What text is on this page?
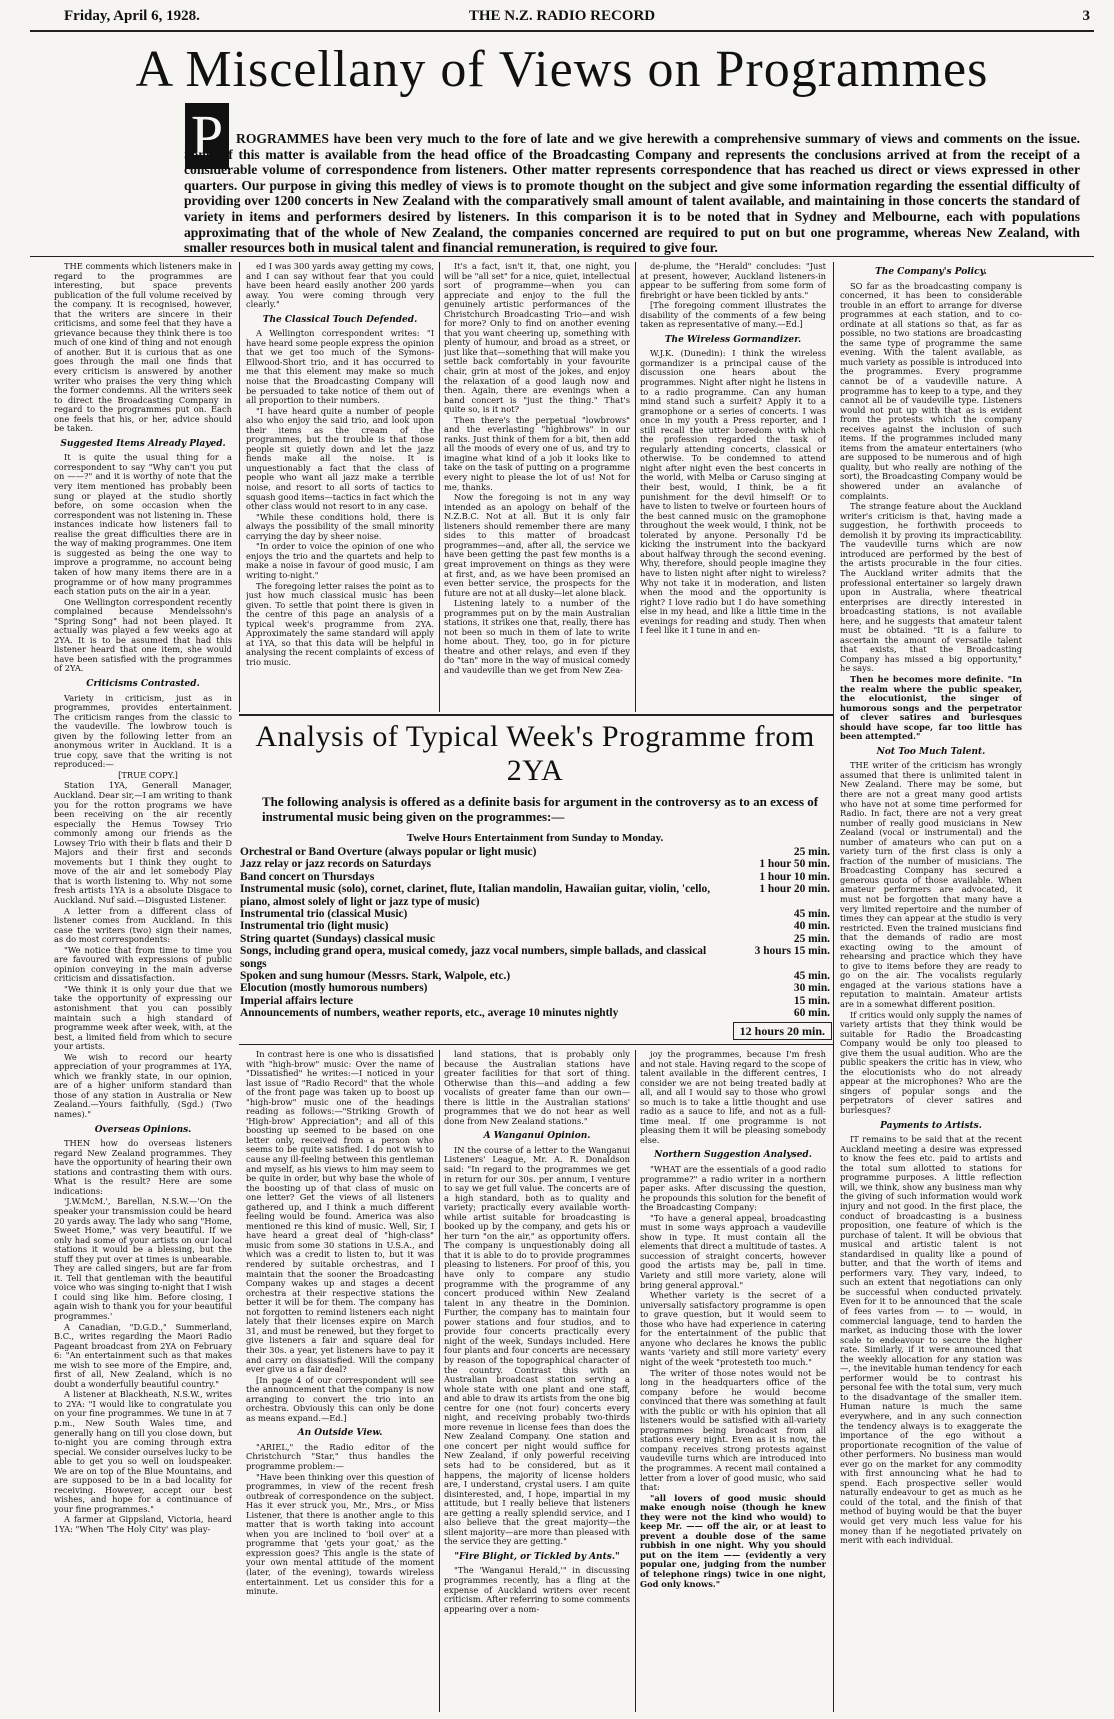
Friday, April 6, 1928.	THE N.Z. RADIO RECORD	3
A Miscellany of Views on Programmes
P ROGRAMMES have been very much to the fore of late and we give herewith a comprehensive summary of views and comments on the issue. Some of this matter is available from the head office of the Broadcasting Company and represents the conclusions arrived at from the receipt of a considerable volume of correspondence from listeners. Other matter represents correspondence that has reached us direct or views expressed in other quarters. Our purpose in giving this medley of views is to promote thought on the subject and give some information regarding the essential difficulty of providing over 1200 concerts in New Zealand with the comparatively small amount of talent available, and maintaining in those concerts the standard of variety in items and performers desired by listeners. In this comparison it is to be noted that in Sydney and Melbourne, each with populations approximating that of the whole of New Zealand, the companies concerned are required to put on but one programme, whereas New Zealand, with smaller resources both in musical talent and financial remuneration, is required to give four.

THE comments which listeners make in regard to the programmes are interesting, but space prevents publication of the full volume received by the company. It is recognised, however, that the writers are sincere in their criticisms, and some feel that they have a grievance because they think there is too much of one kind of thing and not enough of another. But it is curious that as one goes through the mail one finds that every criticism is answered by another writer who praises the very thing which the former condemns. All the writers seek to direct the Broadcasting Company in regard to the programmes put on. Each one feels that his, or her, advice should be taken.

Suggested Items Already Played.

It is quite the usual thing for a correspondent to say "Why can't you put on ——?" and it is worthy of note that the very item mentioned has probably been sung or played at the studio shortly before, on some occasion when the correspondent was not listening in. These instances indicate how listeners fail to realise the great difficulties there are in the way of making programmes. One item is suggested as being the one way to improve a programme, no account being taken of how many items there are in a programme or of how many programmes each station puts on the air in a year.

One Wellington correspondent recently complained because Mendelssohn's "Spring Song" had not been played. It actually was played a few weeks ago at 2YA. It is to be assumed that had this listener heard that one item, she would have been satisfied with the programmes of 2YA.

Criticisms Contrasted.

Variety in criticism, just as in programmes, provides entertainment. The criticism ranges from the classic to the vaudeville. The lowbrow touch is given by the following letter from an anonymous writer in Auckland. It is a true copy, save that the writing is not reproduced:—

[TRUE COPY.]

Station 1YA, Generall Manager, Auckland. Dear sir,—I am writing to thank you for the rotton programs we have been receiving on the air recently especially the Hemus Towsey Trio commonly among our friends as the Lowsey Trio with their b flats and their D Majors and their first and seconds movements but I think they ought to move of the air and let somebody Play that is worth listening to. Why not some fresh artists 1YA is a absolute Disgace to Auckland. Nuf said.—Disgusted Listener.

A letter from a different class of listener comes from Auckland. In this case the writers (two) sign their names, as do most correspondents:

"We notice that from time to time you are favoured with expressions of public opinion conveying in the main adverse criticism and dissatisfaction.

"We think it is only your due that we take the opportunity of expressing our astonishment that you can possibly maintain such a high standard of programme week after week, with, at the best, a limited field from which to secure your artists.

We wish to record our hearty appreciation of your programmes at 1YA, which we frankly state, in our opinion, are of a higher uniform standard than those of any station in Australia or New Zealand.—Yours faithfully, (Sgd.) (Two names)."

Overseas Opinions.

THEN how do overseas listeners regard New Zealand programmes. They have the opportunity of hearing their own stations and contrasting them with ours. What is the result? Here are some indications:

'J.W.McM.', Barellan, N.S.W.—'On the speaker your transmission could be heard 20 yards away. The lady who sang "Home, Sweet Home," was very beautiful. If we only had some of your artists on our local stations it would be a blessing, but the stuff they put over at times is unbearable. They are called singers, but are far from it. Tell that gentleman with the beautiful voice who was singing to-night that I wish I could sing like him. Before closing, I again wish to thank you for your beautiful programmes.'

A Canadian, "D.G.D.," Summerland, B.C., writes regarding the Maori Radio Pageant broadcast from 2YA on February 6: "An entertainment such as that makes me wish to see more of the Empire, and, first of all, New Zealand, which is no doubt a wonderfully beautiful country."

A listener at Blackheath, N.S.W., writes to 2YA: "I would like to congratulate you on your fine programmes. We tune in at 7 p.m., New South Wales time, and generally hang on till you close down, but to-night you are coming through extra special. We consider ourselves lucky to be able to get you so well on loudspeaker. We are on top of the Blue Mountains, and are supposed to be in a bad locality for receiving. However, accept our best wishes, and hope for a continuance of your fine programmes."

A farmer at Gippsland, Victoria, heard 1YA: "When 'The Holy City' was play-

ed I was 300 yards away getting my cows, and I can say without fear that you could have been heard easily another 200 yards away. You were coming through very clearly."

The Classical Touch Defended.

A Wellington correspondent writes: "I have heard some people express the opinion that we get too much of the Symons-Ellwood-Short trio, and it has occurred to me that this element may make so much noise that the Broadcasting Company will be persuaded to take notice of them out of all proportion to their numbers.

"I have heard quite a number of people also who enjoy the said trio, and look upon their items as the cream of the programmes, but the trouble is that those people sit quietly down and let the jazz fiends make all the noise. It is unquestionably a fact that the class of people who want all jazz make a terrible noise, and resort to all sorts of tactics to squash good items—tactics in fact which the other class would not resort to in any case.

"While these conditions hold, there is always the possibility of the small minority carrying the day by sheer noise.

"In order to voice the opinion of one who enjoys the trio and the quartets and help to make a noise in favour of good music, I am writing to-night."

The foregoing letter raises the point as to just how much classical music has been given. To settle that point there is given in the centre of this page an analysis of a typical week's programme from 2YA. Approximately the same standard will apply at 1YA, so that this data will be helpful in analysing the recent complaints of excess of trio music.

It's a fact, isn't it, that, one night, you will be "all set" for a nice, quiet, intellectual sort of programme—when you can appreciate and enjoy to the full the genuinely artistic performances of the Christchurch Broadcasting Trio—and wish for more? Only to find on another evening that you want cheering up, something with plenty of humour, and broad as a street, or just like that—something that will make you settle back comfortably in your favourite chair, grin at most of the jokes, and enjoy the relaxation of a good laugh now and then. Again, there are evenings when a band concert is "just the thing." That's quite so, is it not?

Then there's the perpetual "lowbrows" and the everlasting "highbrows" in our ranks. Just think of them for a bit, then add all the moods of every one of us, and try to imagine what kind of a job it looks like to take on the task of putting on a programme every night to please the lot of us! Not for me, thanks.

Now the foregoing is not in any way intended as an apology on behalf of the N.Z.B.C. Not at all. But it is only fair listeners should remember there are many sides to this matter of broadcast programmes—and, after all, the service we have been getting the past few months is a great improvement on things as they were at first, and, as we have been promised an even better service, the prospects for the future are not at all dusky—let alone black.

Listening lately to a number of the programmes put on by the main Australian stations, it strikes one that, really, there has not been so much in them of late to write home about. They, too, go in for picture theatre and other relays, and even if they do "tan" more in the way of musical comedy and vaudeville than we get from New Zea-

de-plume, the "Herald" concludes: "Just at present, however, Auckland listeners-in appear to be suffering from some form of firebright or have been tickled by ants."

[The foregoing comment illustrates the disability of the comments of a few being taken as representative of many.—Ed.]

The Wireless Gormandizer.

W.J.K. (Dunedin): I think the wireless gormandizer is a principal cause of the discussion one hears about the programmes. Night after night he listens in to a radio programme. Can any human mind stand such a surfeit? Apply it to a gramophone or a series of concerts. I was once in my youth a Press reporter, and I still recall the utter boredom with which the profession regarded the task of regularly attending concerts, classical or otherwise. To be condemned to attend night after night even the best concerts in the world, with Melba or Caruso singing at their best, would, I think, be a fit punishment for the devil himself! Or to have to listen to twelve or fourteen hours of the best canned music on the gramophone throughout the week would, I think, not be tolerated by anyone. Personally I'd be kicking the instrument into the backyard about halfway through the second evening. Why, therefore, should people imagine they have to listen night after night to wireless? Why not take it in moderation, and listen when the mood and the opportunity is right? I love radio but I do have something else in my head, and like a little time in the evenings for reading and study. Then when I feel like it I tune in and en-

The Company's Policy.

SO far as the broadcasting company is concerned, it has been to considerable trouble in an effort to arrange for diverse programmes at each station, and to co-ordinate at all stations so that, as far as possible, no two stations are broadcasting the same type of programme the same evening. With the talent available, as much variety as possible is introduced into the programmes. Every programme cannot be of a vaudeville nature. A programme has to keep to a type, and they cannot all be of vaudeville type. Listeners would not put up with that as is evident from the protests which the company receives against the inclusion of such items. If the programmes included many items from the amateur entertainers (who are supposed to be numerous and of high quality, but who really are nothing of the sort), the Broadcasting Company would be showered under an avalanche of complaints.

The strange feature about the Auckland writer's criticism is that, having made a suggestion, he forthwith proceeds to demolish it by proving its impracticability. The vaudeville turns which are now introduced are performed by the best of the artists procurable in the four cities. The Auckland writer admits that the professional entertainer so largely drawn upon in Australia, where theatrical enterprises are directly interested in broadcasting stations, is not available here, and he suggests that amateur talent must be obtained. "It is a failure to ascertain the amount of versatile talent that exists, that the Broadcasting Company has missed a big opportunity," he says.

Then he becomes more definite. "In the realm where the public speaker, the elocutionist, the singer of humorous songs and the perpetrator of clever satires and burlesques should have scope, far too little has been attempted."

Not Too Much Talent.

THE writer of the criticism has wrongly assumed that there is unlimited talent in New Zealand. There may be some, but there are not a great many good artists who have not at some time performed for Radio. In fact, there are not a very great number of really good musicians in New Zealand (vocal or instrumental) and the number of amateurs who can put on a variety turn of the first class is only a fraction of the number of musicians. The Broadcasting Company has secured a generous quota of those available. When amateur performers are advocated, it must not be forgotten that many have a very limited repertoire and the number of times they can appear at the studio is very restricted. Even the trained musicians find that the demands of radio are most exacting owing to the amount of rehearsing and practice which they have to give to items before they are ready to go on the air. The vocalists regularly engaged at the various stations have a reputation to maintain. Amateur artists are in a somewhat different position.

If critics would only supply the names of variety artists that they think would be suitable for Radio the Broadcasting Company would be only too pleased to give them the usual audition. Who are the public speakers the critic has in view, who the elocutionists who do not already appear at the microphones? Who are the singers of popular songs and the perpetrators of clever satires and burlesques?

Payments to Artists.

IT remains to be said that at the recent Auckland meeting a desire was expressed to know the fees etc. paid to artists and the total sum allotted to stations for programme purposes. A little reflection will, we think, show any business man why the giving of such information would work injury and not good. In the first place, the conduct of broadcasting is a business proposition, one feature of which is the purchase of talent. It will be obvious that musical and artistic talent is not standardised in quality like a pound of butter, and that the worth of items and performers vary. They vary, indeed, to such an extent that negotiations can only be successful when conducted privately. Even for it to be announced that the scale of fees varies from — to — would, in commercial language, tend to harden the market, as inducing those with the lower scale to endeavour to secure the higher rate. Similarly, if it were announced that the weekly allocation for any station was —, the inevitable human tendency for each performer would be to contrast his personal fee with the total sum, very much to the disadvantage of the smaller item. Human nature is much the same everywhere, and in any such connection the tendency always is to exaggerate the importance of the ego without a proportionate recognition of the value of other performers. No business man would ever go on the market for any commodity with first announcing what he had to spend. Each prospective seller would naturally endeavour to get as much as he could of the total, and the finish of that method of buying would be that the buyer would get very much less value for his money than if he negotiated privately on merit with each individual.

Analysis of Typical Week's Programme from 2YA
The following analysis is offered as a definite basis for argument in the controversy as to an excess of instrumental music being given on the programmes:—
Twelve Hours Entertainment from Sunday to Monday.
Orchestral or Band Overture (always popular or light music)	25 min.
Jazz relay or jazz records on Saturdays	1 hour 50 min.
Band concert on Thursdays	1 hour 10 min.
Instrumental music (solo), cornet, clarinet, flute, Italian mandolin, Hawaiian guitar, violin, 'cello, piano, almost solely of light or jazz type of music)	1 hour 20 min.
Instrumental trio (classical Music)	45 min.
Instrumental trio (light music)	40 min.
String quartet (Sundays) classical music	25 min.
Songs, including grand opera, musical comedy, jazz vocal numbers, simple ballads, and classical songs	3 hours 15 min.
Spoken and sung humour (Messrs. Stark, Walpole, etc.)	45 min.
Elocution (mostly humorous numbers)	30 min.
Imperial affairs lecture	15 min.
Announcements of numbers, weather reports, etc., average 10 minutes nightly	60 min.
12 hours 20 min.

In contrast here is one who is dissatisfied with "high-brow" music: Over the name of "Dissatisfied" he writes:—I noticed in your last issue of "Radio Record" that the whole of the front page was taken up to boost up "high-brow" music one of the headings reading as follows:—"Striking Growth of 'High-brow' Appreciation"; and all of this boosting up seemed to be based on one letter only, received from a person who seems to be quite satisfied. I do not wish to cause any ill-feeling between this gentleman and myself, as his views to him may seem to be quite in order, but why base the whole of the boosting up of that class of music on one letter? Get the views of all listeners gathered up, and I think a much different feeling would be found. America was also mentioned re this kind of music. Well, Sir, I have heard a great deal of "high-class" music from some 30 stations in U.S.A., and which was a credit to listen to, but it was rendered by suitable orchestras, and I maintain that the sooner the Broadcasting Company wakes up and stages a decent orchestra at their respective stations the better it will be for them. The company has not forgotten to remind listeners each night lately that their licenses expire on March 31, and must be renewed, but they forget to give listeners a fair and square deal for their 30s. a year, yet listeners have to pay it and carry on dissatisfied. Will the company ever give us a fair deal?

[In page 4 of our correspondent will see the announcement that the company is now arranging to convert the trio into an orchestra. Obviously this can only be done as means expand.—Ed.]

An Outside View.

"ARIEL," the Radio editor of the Christchurch "Star," thus handles the programme problem:—

"Have been thinking over this question of programmes, in view of the recent fresh outbreak of correspondence on the subject. Has it ever struck you, Mr., Mrs., or Miss Listener, that there is another angle to this matter that is worth taking into account when you are inclined to 'boil over' at a programme that 'gets your goat,' as the expression goes? This angle is the state of your own mental attitude of the moment (later, of the evening), towards wireless entertainment. Let us consider this for a minute.

land stations, that is probably only because the Australian stations have greater facilities for that sort of thing. Otherwise than this—and adding a few vocalists of greater fame than our own—there is little in the Australian stations' programmes that we do not hear as well done from New Zealand stations."

A Wanganui Opinion.

IN the course of a letter to the Wanganui Listeners' League, Mr. A. R. Donaldson said: "In regard to the programmes we get in return for our 30s. per annum, I venture to say we get full value. The concerts are of a high standard, both as to quality and variety; practically every available worth-while artist suitable for broadcasting is booked up by the company, and gets his or her turn "on the air," as opportunity offers. The company is unquestionably doing all that it is able to do to provide programmes pleasing to listeners. For proof of this, you have only to compare any studio programme with the programme of any concert produced within New Zealand talent in any theatre in the Dominion. Further, the company has to maintain four power stations and four studios, and to provide four concerts practically every night of the week, Sundays included. Here four plants and four concerts are necessary by reason of the topographical character of the country. Contrast this with an Australian broadcast station serving a whole state with one plant and one staff, and able to draw its artists from the one big centre for one (not four) concerts every night, and receiving probably two-thirds more revenue in license fees than does the New Zealand Company. One station and one concert per night would suffice for New Zealand, if only powerful receiving sets had to be considered, but as it happens, the majority of license holders are, I understand, crystal users. I am quite disinterested, and, I hope, impartial in my attitude, but I really believe that listeners are getting a really splendid service, and I also believe that the great majority—the silent majority—are more than pleased with the service they are getting."

"Fire Blight, or Tickled by Ants."

"The 'Wanganui Herald,'" in discussing programmes recently, has a fling at the expense of Auckland writers over recent criticism. After referring to some comments appearing over a nom-

joy the programmes, because I'm fresh and not stale. Having regard to the scope of talent available in the different centres, I consider we are not being treated badly at all, and all I would say to those who growl so much is to take a little thought and use radio as a sauce to life, and not as a full-time meal. If one programme is not pleasing them it will be pleasing somebody else.

Northern Suggestion Analysed.

"WHAT are the essentials of a good radio programme?" a radio writer in a northern paper asks. After discussing the question, he propounds this solution for the benefit of the Broadcasting Company:

"To have a general appeal, broadcasting must in some ways approach a vaudeville show in type. It must contain all the elements that direct a multitude of tastes. A succession of straight concerts, however good the artists may be, pall in time. Variety and still more variety, alone will bring general approval."

Whether variety is the secret of a universally satisfactory programme is open to grave question, but it would seem to those who have had experience in catering for the entertainment of the public that anyone who declares he knows the public wants 'variety and still more variety' every night of the week "protesteth too much."

The writer of those notes would not be long in the headquarters office of the company before he would become convinced that there was something at fault with the public or with his opinion that all listeners would be satisfied with all-variety programmes being broadcast from all stations every night. Even as it is now, the company receives strong protests against vaudeville turns which are introduced into the programmes. A recent mail contained a letter from a lover of good music, who said that:

"all lovers of good music should make enough noise (though he knew they were not the kind who would) to keep Mr. —— off the air, or at least to prevent a double dose of the same rubbish in one night. Why you should put on the item —— (evidently a very popular one, judging from the number of telephone rings) twice in one night, God only knows."
